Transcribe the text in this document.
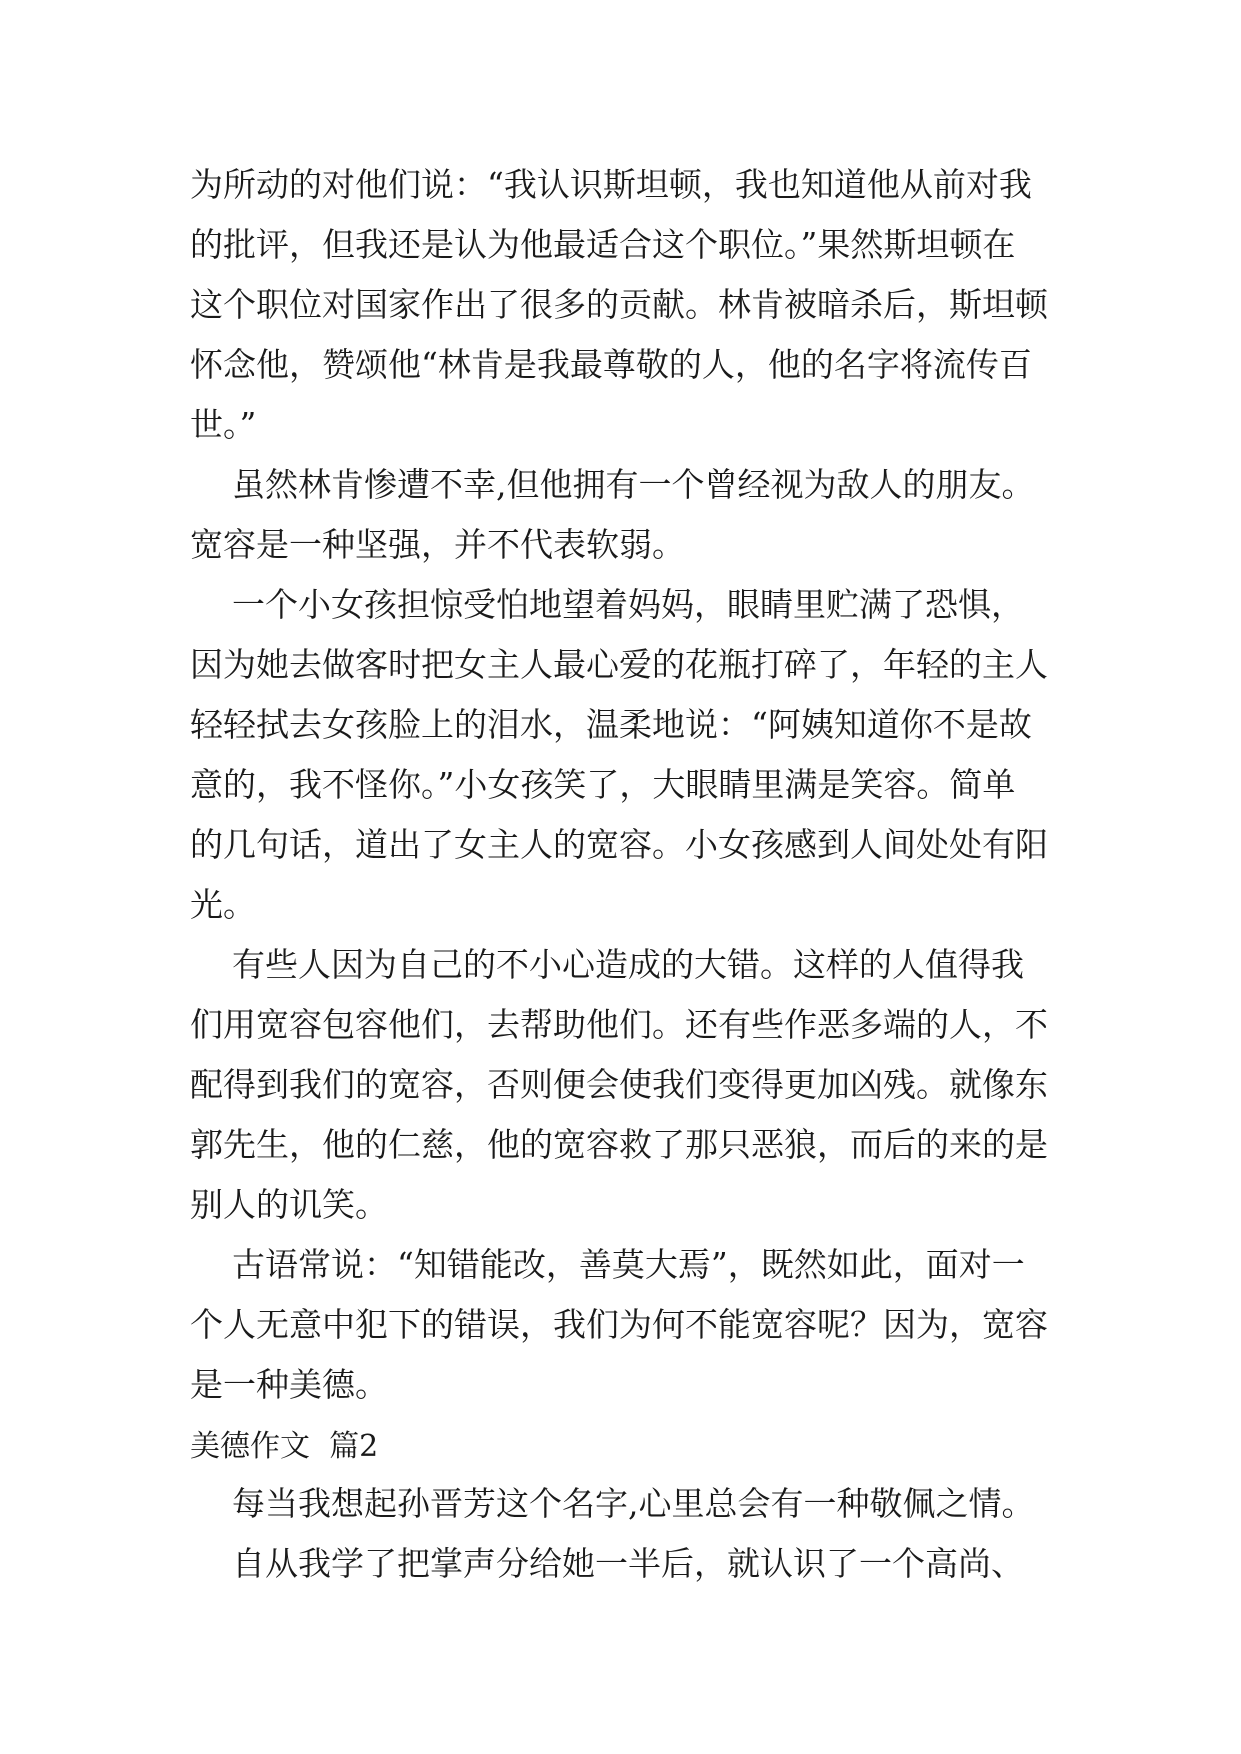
为所动的对他们说：“我认识斯坦顿，我也知道他从前对我
的批评，但我还是认为他最适合这个职位。”果然斯坦顿在
这个职位对国家作出了很多的贡献。林肯被暗杀后，斯坦顿
怀念他，赞颂他“林肯是我最尊敬的人，他的名字将流传百
世。”
虽然林肯惨遭不幸,但他拥有一个曾经视为敌人的朋友。
宽容是一种坚强，并不代表软弱。
一个小女孩担惊受怕地望着妈妈，眼睛里贮满了恐惧，
因为她去做客时把女主人最心爱的花瓶打碎了，年轻的主人
轻轻拭去女孩脸上的泪水，温柔地说：“阿姨知道你不是故
意的，我不怪你。”小女孩笑了，大眼睛里满是笑容。简单
的几句话，道出了女主人的宽容。小女孩感到人间处处有阳
光。
有些人因为自己的不小心造成的大错。这样的人值得我
们用宽容包容他们，去帮助他们。还有些作恶多端的人，不
配得到我们的宽容，否则便会使我们变得更加凶残。就像东
郭先生，他的仁慈，他的宽容救了那只恶狼，而后的来的是
别人的讥笑。
古语常说：“知错能改，善莫大焉”，既然如此，面对一
个人无意中犯下的错误，我们为何不能宽容呢？因为，宽容
是一种美德。
美德作文  篇2
每当我想起孙晋芳这个名字,心里总会有一种敬佩之情。
自从我学了把掌声分给她一半后，就认识了一个高尚、
